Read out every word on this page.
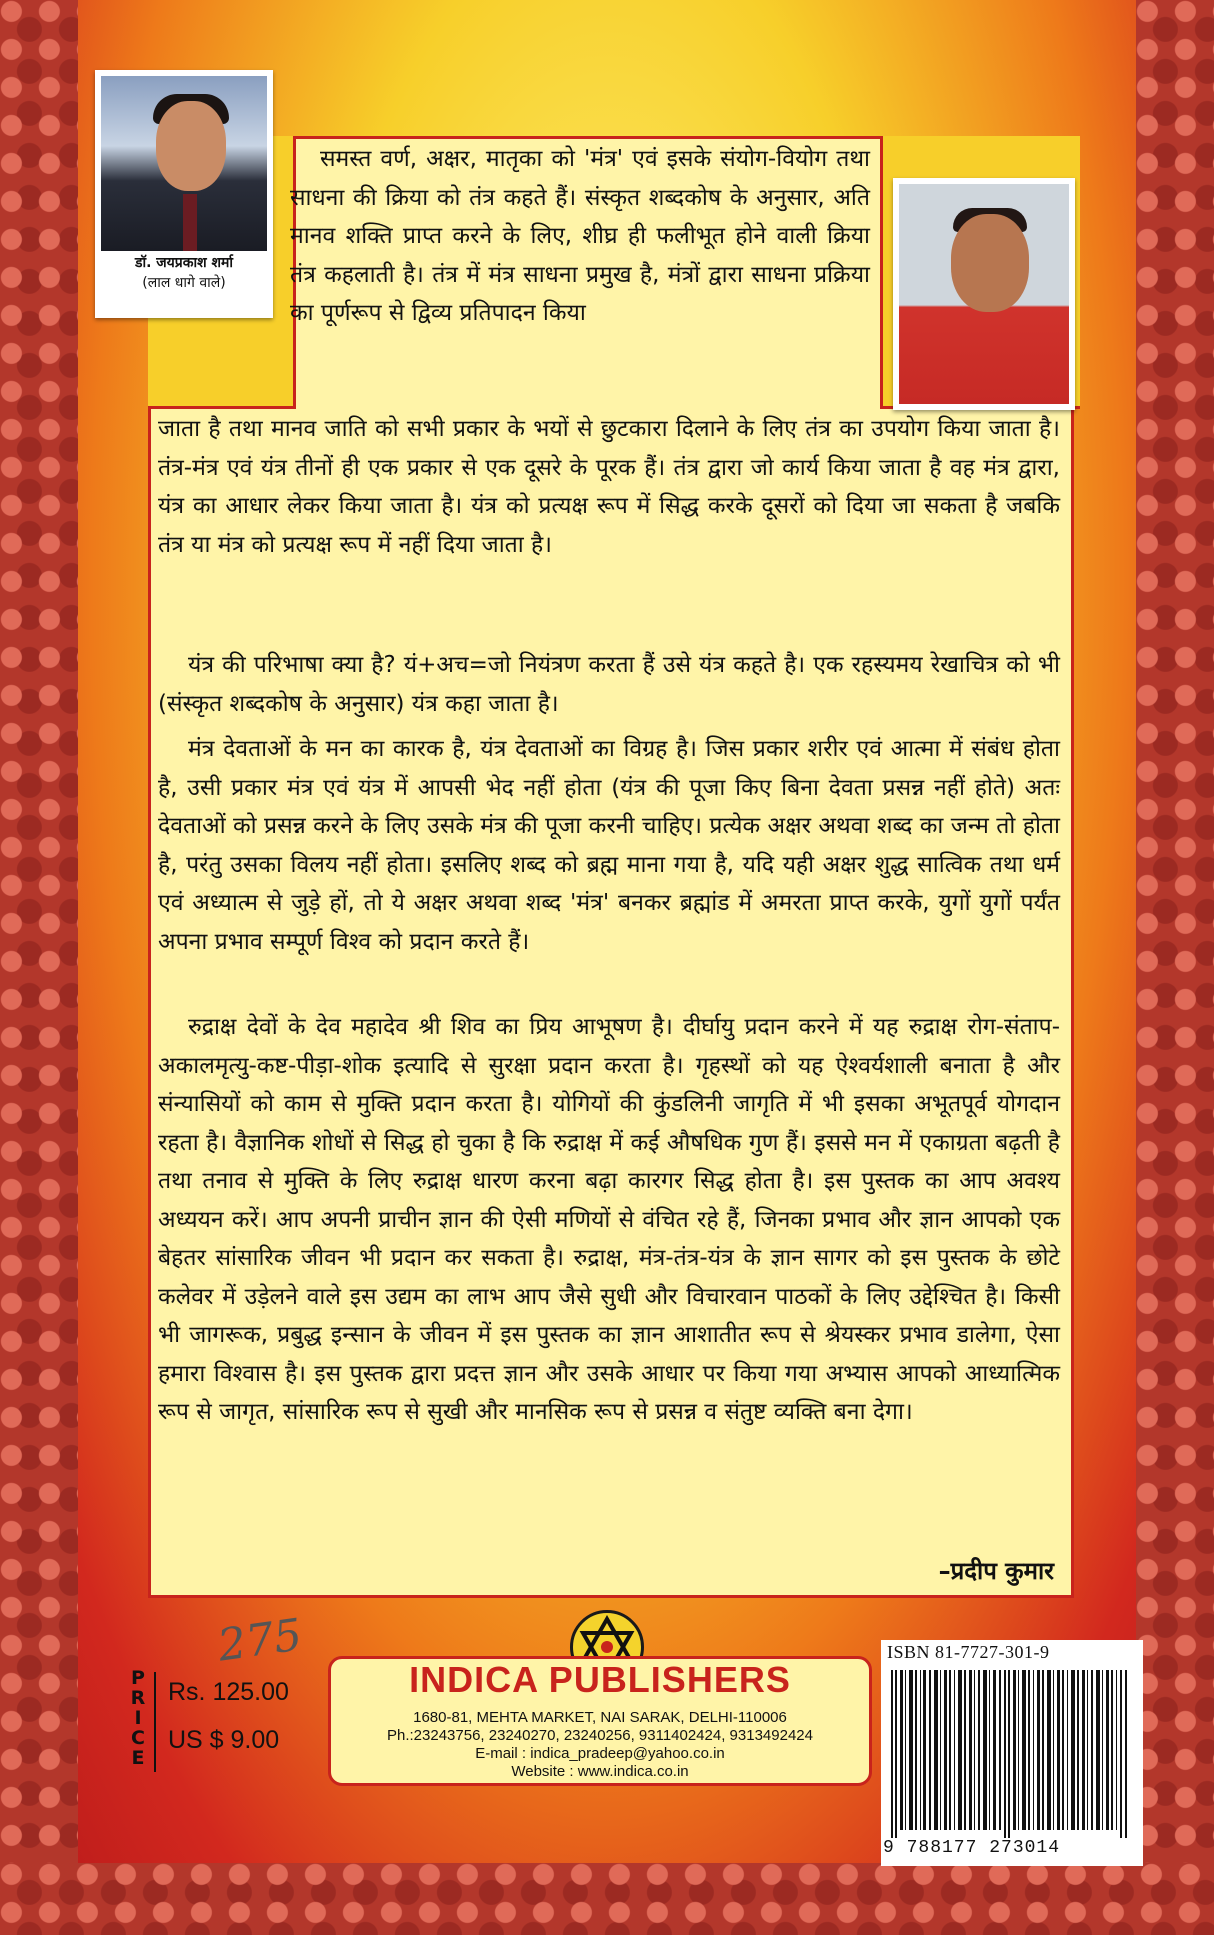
डॉ. जयप्रकाश शर्मा
(लाल धागे वाले)
समस्त वर्ण, अक्षर, मातृका को 'मंत्र' एवं इसके संयोग-वियोग तथा साधना की क्रिया को तंत्र कहते हैं। संस्कृत शब्दकोष के अनुसार, अति मानव शक्ति प्राप्त करने के लिए, शीघ्र ही फलीभूत होने वाली क्रिया तंत्र कहलाती है। तंत्र में मंत्र साधना प्रमुख है, मंत्रों द्वारा साधना प्रक्रिया का पूर्णरूप से द्विव्य प्रतिपादन किया
जाता है तथा मानव जाति को सभी प्रकार के भयों से छुटकारा दिलाने के लिए तंत्र का उपयोग किया जाता है। तंत्र-मंत्र एवं यंत्र तीनों ही एक प्रकार से एक दूसरे के पूरक हैं। तंत्र द्वारा जो कार्य किया जाता है वह मंत्र द्वारा, यंत्र का आधार लेकर किया जाता है। यंत्र को प्रत्यक्ष रूप में सिद्ध करके दूसरों को दिया जा सकता है जबकि तंत्र या मंत्र को प्रत्यक्ष रूप में नहीं दिया जाता है।
यंत्र की परिभाषा क्या है? यं+अच=जो नियंत्रण करता हैं उसे यंत्र कहते है। एक रहस्यमय रेखाचित्र को भी (संस्कृत शब्दकोष के अनुसार) यंत्र कहा जाता है।
मंत्र देवताओं के मन का कारक है, यंत्र देवताओं का विग्रह है। जिस प्रकार शरीर एवं आत्मा में संबंध होता है, उसी प्रकार मंत्र एवं यंत्र में आपसी भेद नहीं होता (यंत्र की पूजा किए बिना देवता प्रसन्न नहीं होते) अतः देवताओं को प्रसन्न करने के लिए उसके मंत्र की पूजा करनी चाहिए। प्रत्येक अक्षर अथवा शब्द का जन्म तो होता है, परंतु उसका विलय नहीं होता। इसलिए शब्द को ब्रह्म माना गया है, यदि यही अक्षर शुद्ध सात्विक तथा धर्म एवं अध्यात्म से जुड़े हों, तो ये अक्षर अथवा शब्द 'मंत्र' बनकर ब्रह्मांड में अमरता प्राप्त करके, युगों युगों पर्यंत अपना प्रभाव सम्पूर्ण विश्व को प्रदान करते हैं।
रुद्राक्ष देवों के देव महादेव श्री शिव का प्रिय आभूषण है। दीर्घायु प्रदान करने में यह रुद्राक्ष रोग-संताप-अकालमृत्यु-कष्ट-पीड़ा-शोक इत्यादि से सुरक्षा प्रदान करता है। गृहस्थों को यह ऐश्वर्यशाली बनाता है और संन्यासियों को काम से मुक्ति प्रदान करता है। योगियों की कुंडलिनी जागृति में भी इसका अभूतपूर्व योगदान रहता है। वैज्ञानिक शोधों से सिद्ध हो चुका है कि रुद्राक्ष में कई औषधिक गुण हैं। इससे मन में एकाग्रता बढ़ती है तथा तनाव से मुक्ति के लिए रुद्राक्ष धारण करना बढ़ा कारगर सिद्ध होता है। इस पुस्तक का आप अवश्य अध्ययन करें। आप अपनी प्राचीन ज्ञान की ऐसी मणियों से वंचित रहे हैं, जिनका प्रभाव और ज्ञान आपको एक बेहतर सांसारिक जीवन भी प्रदान कर सकता है। रुद्राक्ष, मंत्र-तंत्र-यंत्र के ज्ञान सागर को इस पुस्तक के छोटे कलेवर में उड़ेलने वाले इस उद्यम का लाभ आप जैसे सुधी और विचारवान पाठकों के लिए उद्देश्चित है। किसी भी जागरूक, प्रबुद्ध इन्सान के जीवन में इस पुस्तक का ज्ञान आशातीत रूप से श्रेयस्कर प्रभाव डालेगा, ऐसा हमारा विश्वास है। इस पुस्तक द्वारा प्रदत्त ज्ञान और उसके आधार पर किया गया अभ्यास आपको आध्यात्मिक रूप से जागृत, सांसारिक रूप से सुखी और मानसिक रूप से प्रसन्न व संतुष्ट व्यक्ति बना देगा।
–प्रदीप कुमार
275
P
R
I
C
E
Rs. 125.00
US $ 9.00
INDICA PUBLISHERS
1680-81, MEHTA MARKET, NAI SARAK, DELHI-110006
Ph.:23243756, 23240270, 23240256, 9311402424, 9313492424
E-mail : indica_pradeep@yahoo.co.in
Website : www.indica.co.in
ISBN 81-7727-301-9
9 788177 273014
